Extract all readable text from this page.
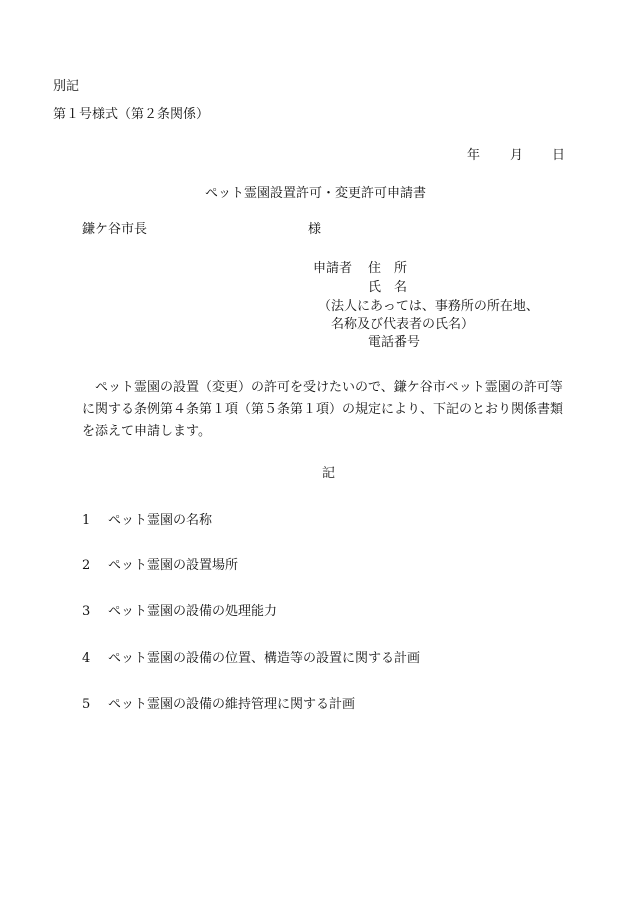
別記
第１号様式（第２条関係）
年 月 日
ペット霊園設置許可・変更許可申請書
鎌ケ谷市長	様
申請者 住　所
氏　名
（法人にあっては、事務所の所在地、
名称及び代表者の氏名）
電話番号
　ペット霊園の設置（変更）の許可を受けたいので、鎌ケ谷市ペット霊園の許可等に関する条例第４条第１項（第５条第１項）の規定により、下記のとおり関係書類を添えて申請します。
記
1 ペット霊園の名称
2 ペット霊園の設置場所
3 ペット霊園の設備の処理能力
4 ペット霊園の設備の位置、構造等の設置に関する計画
5 ペット霊園の設備の維持管理に関する計画
